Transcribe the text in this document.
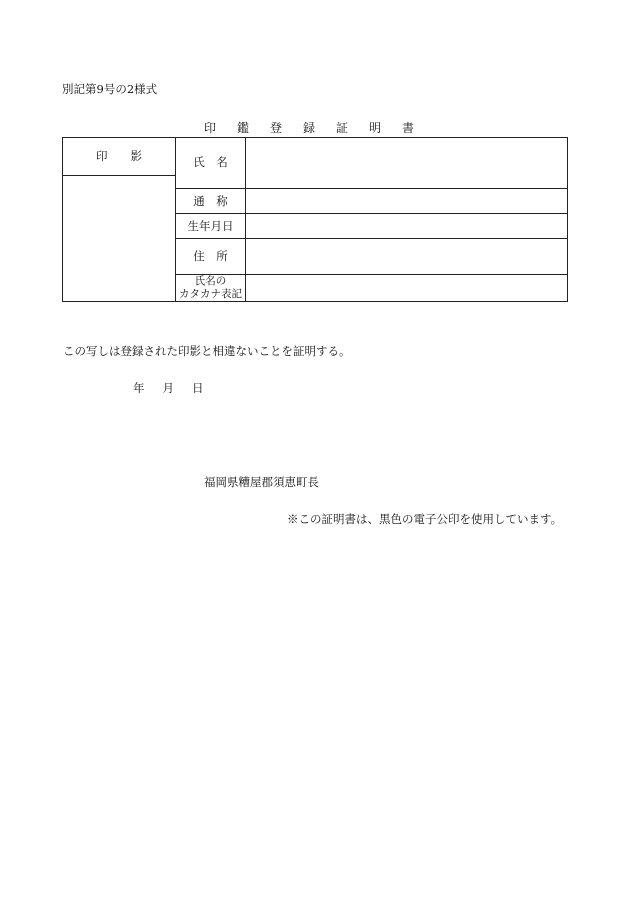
別記第9号の2様式
印鑑登録証明書
印　　影	氏　名
通　称
生年月日
住　所
氏名の
カタカナ表記
この写しは登録された印影と相違ないことを証明する。
年 月 日
福岡県糟屋郡須恵町長
※この証明書は、黒色の電子公印を使用しています。
